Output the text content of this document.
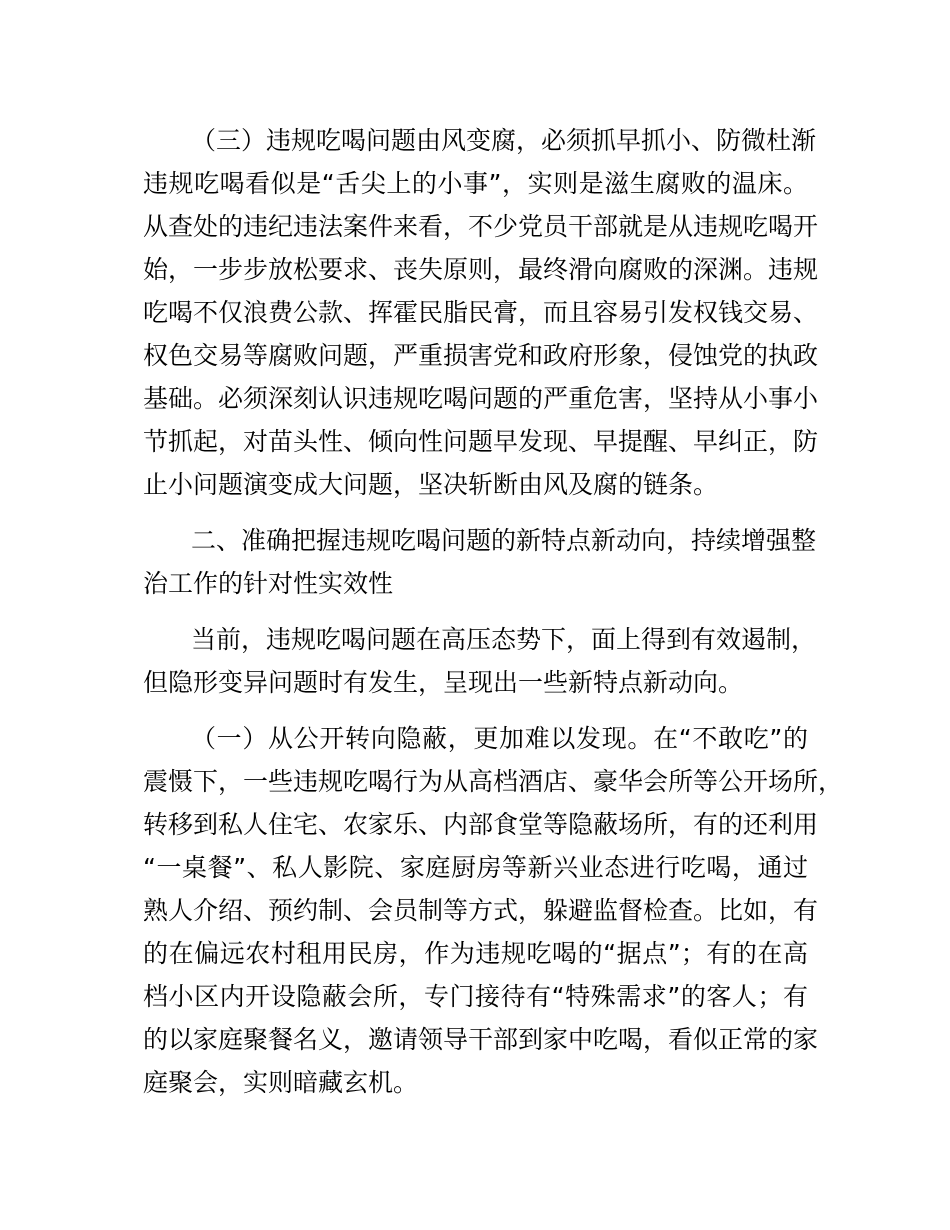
（三）违规吃喝问题由风变腐，必须抓早抓小、防微杜渐
违规吃喝看似是“舌尖上的小事”，实则是滋生腐败的温床。
从查处的违纪违法案件来看，不少党员干部就是从违规吃喝开
始，一步步放松要求、丧失原则，最终滑向腐败的深渊。违规
吃喝不仅浪费公款、挥霍民脂民膏，而且容易引发权钱交易、
权色交易等腐败问题，严重损害党和政府形象，侵蚀党的执政
基础。必须深刻认识违规吃喝问题的严重危害，坚持从小事小
节抓起，对苗头性、倾向性问题早发现、早提醒、早纠正，防
止小问题演变成大问题，坚决斩断由风及腐的链条。
二、准确把握违规吃喝问题的新特点新动向，持续增强整
治工作的针对性实效性
当前，违规吃喝问题在高压态势下，面上得到有效遏制，
但隐形变异问题时有发生，呈现出一些新特点新动向。
（一）从公开转向隐蔽，更加难以发现。在“不敢吃”的
震慑下，一些违规吃喝行为从高档酒店、豪华会所等公开场所，
转移到私人住宅、农家乐、内部食堂等隐蔽场所，有的还利用
“一桌餐”、私人影院、家庭厨房等新兴业态进行吃喝，通过
熟人介绍、预约制、会员制等方式，躲避监督检查。比如，有
的在偏远农村租用民房，作为违规吃喝的“据点”；有的在高
档小区内开设隐蔽会所，专门接待有“特殊需求”的客人；有
的以家庭聚餐名义，邀请领导干部到家中吃喝，看似正常的家
庭聚会，实则暗藏玄机。
